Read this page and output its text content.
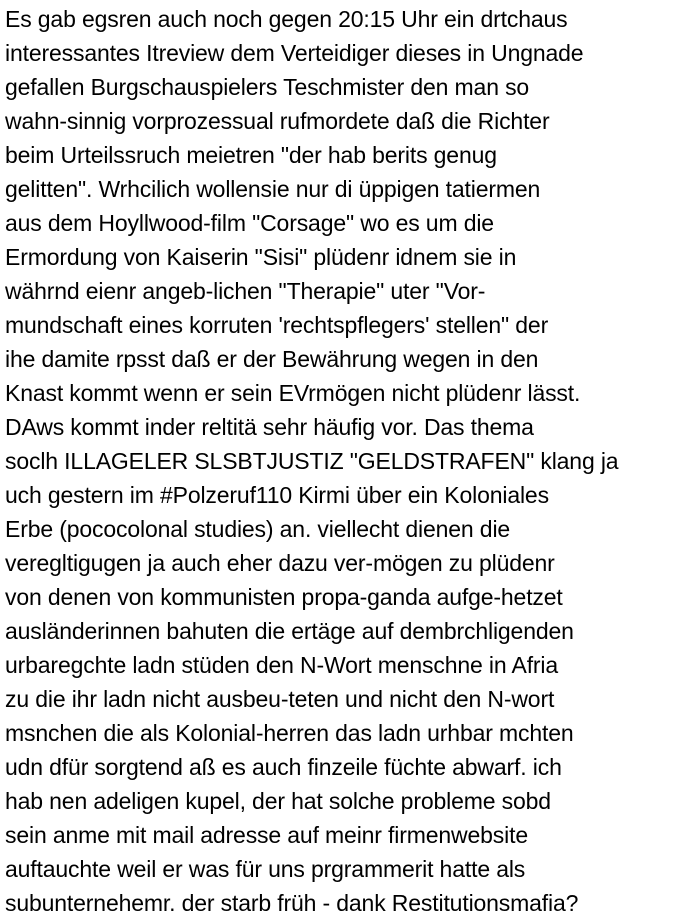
Es gab egsren auch noch gegen 20:15 Uhr ein drtchaus
interessantes Itreview dem Verteidiger dieses in Ungnade
gefallen Burgschauspielers Teschmister den man so
wahn-sinnig vorprozessual rufmordete daß die Richter
beim Urteilssruch meietren "der hab berits genug
gelitten". Wrhcilich wollensie nur di üppigen tatiermen
aus dem Hoyllwood-film "Corsage" wo es um die
Ermordung von Kaiserin "Sisi" plüdenr idnem sie in
währnd eienr angeb-lichen "Therapie" uter "Vor-
mundschaft eines korruten 'rechtspflegers' stellen" der
ihe damite rpsst daß er der Bewährung wegen in den
Knast kommt wenn er sein EVrmögen nicht plüdenr lässt.
DAws kommt inder reltitä sehr häufig vor. Das thema
soclh ILLAGELER SLSBTJUSTIZ "GELDSTRAFEN" klang ja
uch gestern im #Polzeruf110 Kirmi über ein Koloniales
Erbe (pococolonal studies) an. viellecht dienen die
veregltigugen ja auch eher dazu ver-mögen zu plüdenr
von denen von kommunisten propa-ganda aufge-hetzet
ausländerinnen bahuten die ertäge auf dembrchligenden
urbaregchte ladn stüden den N-Wort menschne in Afria
zu die ihr ladn nicht ausbeu-teten und nicht den N-wort
msnchen die als Kolonial-herren das ladn urhbar mchten
udn dfür sorgtend aß es auch finzeile füchte abwarf. ich
hab nen adeligen kupel, der hat solche probleme sobd
sein anme mit mail adresse auf meinr firmenwebsite
auftauchte weil er was für uns prgrammerit hatte als
subunternehemr. der starb früh - dank Restitutionsmafia?
